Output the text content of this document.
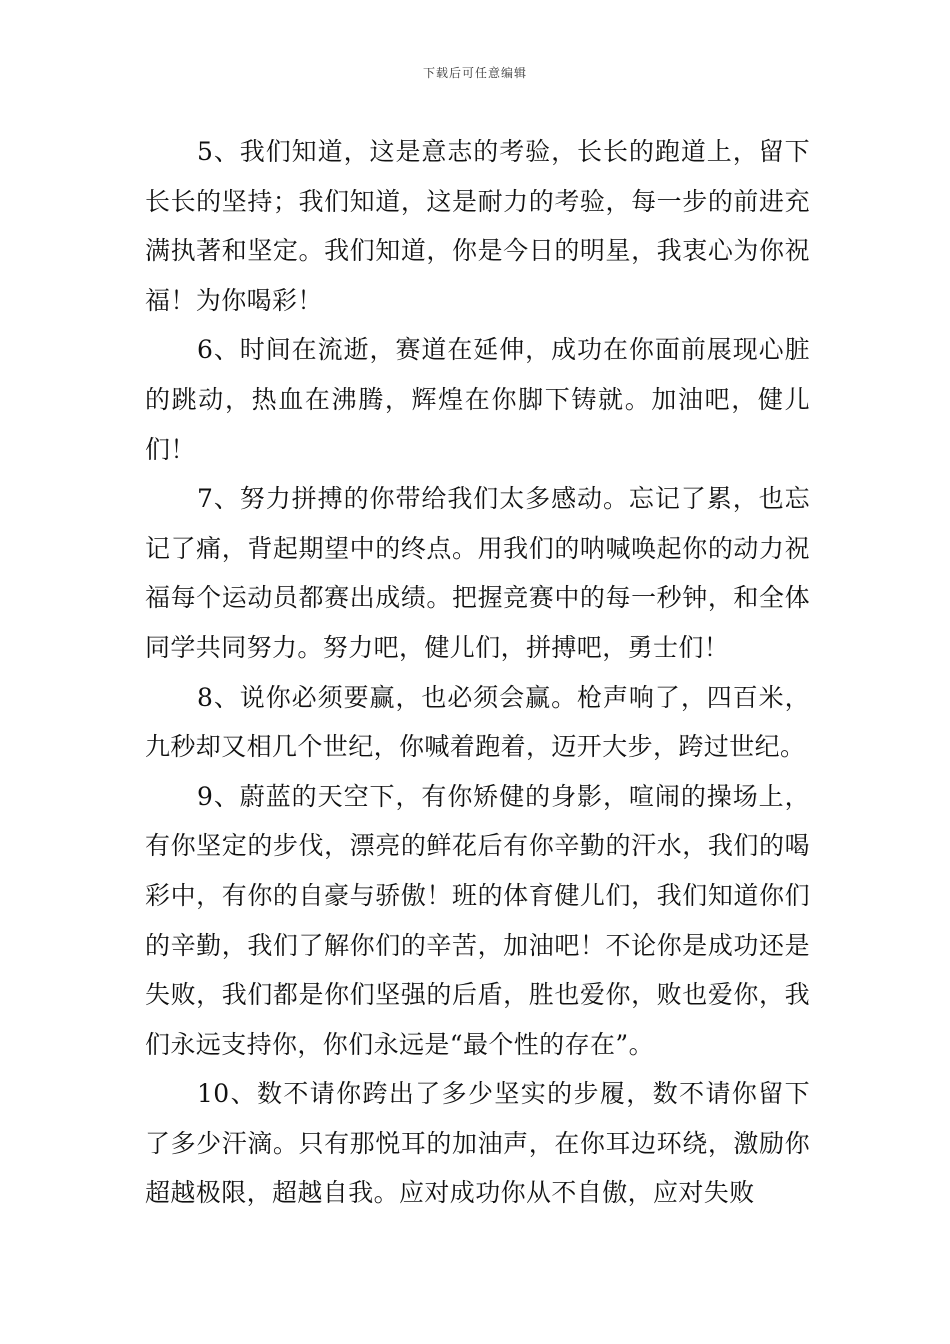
下载后可任意编辑

5、我们知道，这是意志的考验，长长的跑道上，留下长长的坚持；我们知道，这是耐力的考验，每一步的前进充满执著和坚定。我们知道，你是今日的明星，我衷心为你祝福！为你喝彩！

6、时间在流逝，赛道在延伸，成功在你面前展现心脏的跳动，热血在沸腾，辉煌在你脚下铸就。加油吧，健儿们！

7、努力拼搏的你带给我们太多感动。忘记了累，也忘记了痛，背起期望中的终点。用我们的呐喊唤起你的动力祝福每个运动员都赛出成绩。把握竞赛中的每一秒钟，和全体同学共同努力。努力吧，健儿们，拼搏吧，勇士们！

8、说你必须要赢，也必须会赢。枪声响了，四百米，九秒却又相几个世纪，你喊着跑着，迈开大步，跨过世纪。

9、蔚蓝的天空下，有你矫健的身影，喧闹的操场上，有你坚定的步伐，漂亮的鲜花后有你辛勤的汗水，我们的喝彩中，有你的自豪与骄傲！班的体育健儿们，我们知道你们的辛勤，我们了解你们的辛苦，加油吧！不论你是成功还是失败，我们都是你们坚强的后盾，胜也爱你，败也爱你，我们永远支持你，你们永远是“最个性的存在”。

10、数不请你跨出了多少坚实的步履，数不请你留下了多少汗滴。只有那悦耳的加油声，在你耳边环绕，激励你超越极限，超越自我。应对成功你从不自傲，应对失败
